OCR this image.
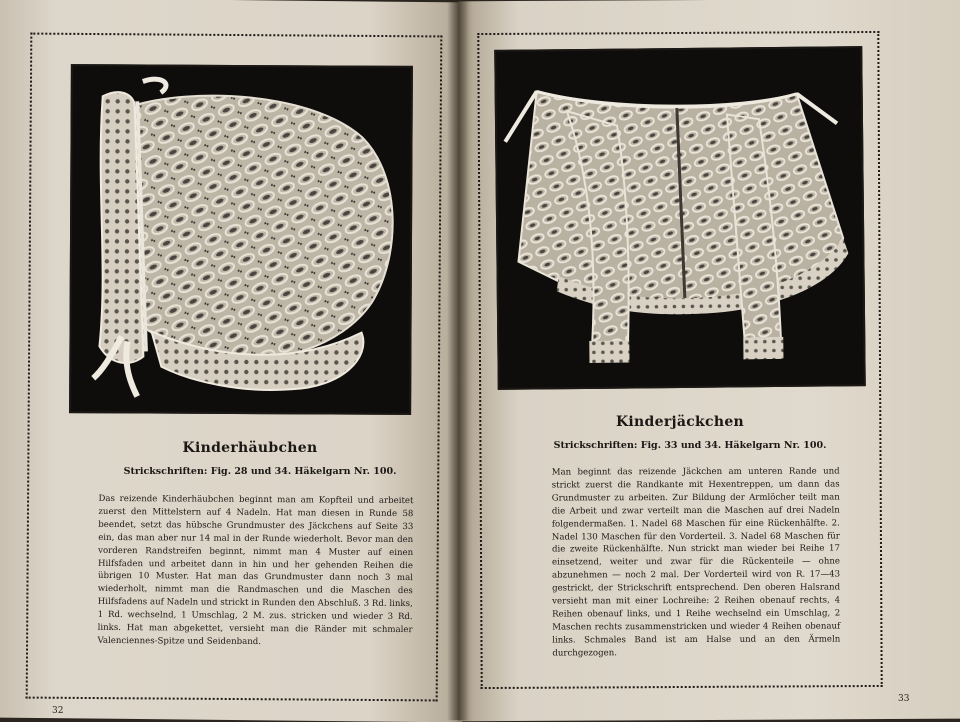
Kinderhäubchen
Strickschriften: Fig. 28 und 34. Häkelgarn Nr. 100.
Das reizende Kinderhäubchen beginnt man am Kopfteil und arbeitet zuerst den Mittelstern auf 4 Nadeln. Hat man diesen in Runde 58 beendet, setzt das hübsche Grundmuster des Jäckchens auf Seite 33 ein, das man aber nur 14 mal in der Runde wiederholt. Bevor man den vorderen Randstreifen beginnt, nimmt man 4 Muster auf einen Hilfsfaden und arbeitet dann in hin und her gehenden Reihen die übrigen 10 Muster. Hat man das Grundmuster dann noch 3 mal wiederholt, nimmt man die Randmaschen und die Maschen des Hilfsfadens auf Nadeln und strickt in Runden den Abschluß. 3 Rd. links, 1 Rd. wechselnd, 1 Umschlag, 2 M. zus. stricken und wieder 3 Rd. links. Hat man abgekettet, versieht man die Ränder mit schmaler Valenciennes-Spitze und Seidenband.
32
Kinderjäckchen
Strickschriften: Fig. 33 und 34. Häkelgarn Nr. 100.
Man beginnt das reizende Jäckchen am unteren Rande und strickt zuerst die Randkante mit Hexentreppen, um dann das Grundmuster zu arbeiten. Zur Bildung der Armlöcher teilt man die Arbeit und zwar verteilt man die Maschen auf drei Nadeln folgendermaßen. 1. Nadel 68 Maschen für eine Rückenhälfte. 2. Nadel 130 Maschen für den Vorderteil. 3. Nadel 68 Maschen für die zweite Rückenhälfte. Nun strickt man wieder bei Reihe 17 einsetzend, weiter und zwar für die Rückenteile — ohne abzunehmen — noch 2 mal. Der Vorderteil wird von R. 17—43 gestrickt, der Strickschrift entsprechend. Den oberen Halsrand versieht man mit einer Lochreihe: 2 Reihen obenauf rechts, 4 Reihen obenauf links, und 1 Reihe wechselnd ein Umschlag, 2 Maschen rechts zusammenstricken und wieder 4 Reihen obenauf links. Schmales Band ist am Halse und an den Ärmeln durchgezogen.
33
